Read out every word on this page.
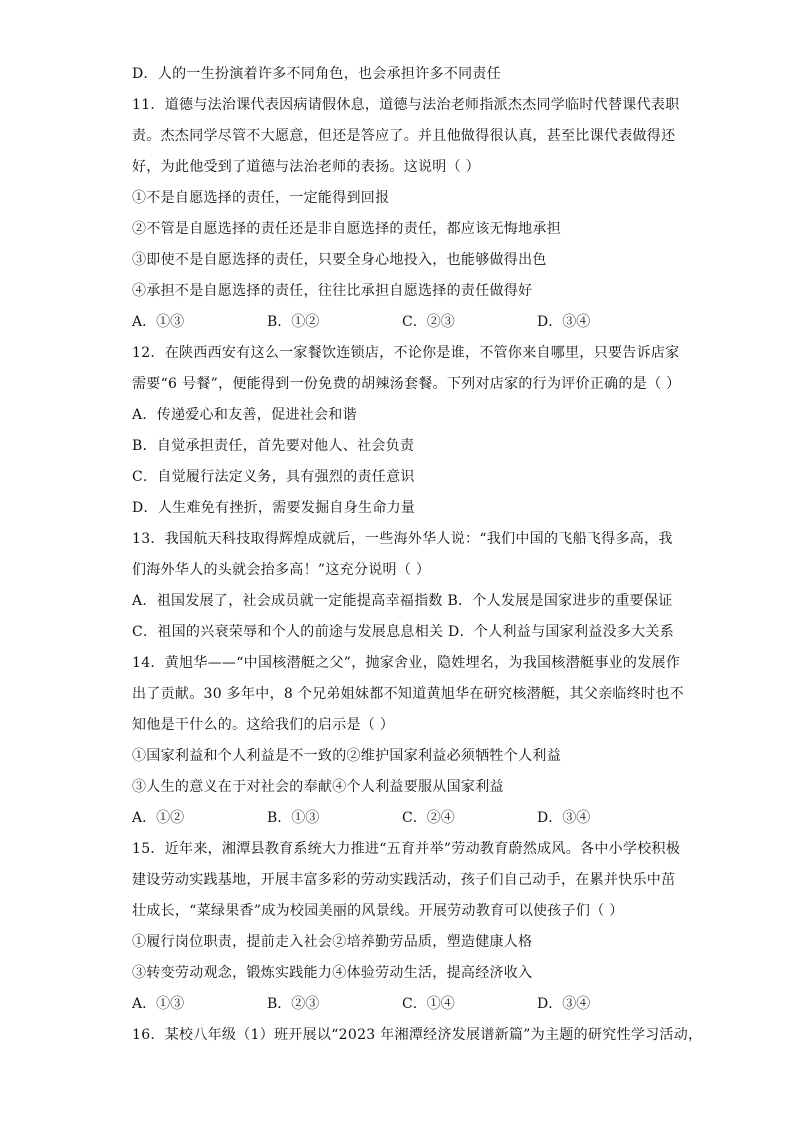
D．人的一生扮演着许多不同角色，也会承担许多不同责任
11．道德与法治课代表因病请假休息，道德与法治老师指派杰杰同学临时代替课代表职
责。杰杰同学尽管不大愿意，但还是答应了。并且他做得很认真，甚至比课代表做得还
好，为此他受到了道德与法治老师的表扬。这说明（ ）
①不是自愿选择的责任，一定能得到回报
②不管是自愿选择的责任还是非自愿选择的责任，都应该无悔地承担
③即使不是自愿选择的责任，只要全身心地投入，也能够做得出色
④承担不是自愿选择的责任，往往比承担自愿选择的责任做得好
A．①③	B．①②	C．②③	D．③④
12．在陕西西安有这么一家餐饮连锁店，不论你是谁，不管你来自哪里，只要告诉店家
需要“6 号餐”，便能得到一份免费的胡辣汤套餐。下列对店家的行为评价正确的是（ ）
A．传递爱心和友善，促进社会和谐
B．自觉承担责任，首先要对他人、社会负责
C．自觉履行法定义务，具有强烈的责任意识
D．人生难免有挫折，需要发掘自身生命力量
13．我国航天科技取得辉煌成就后，一些海外华人说：“我们中国的飞船飞得多高，我
们海外华人的头就会抬多高！”这充分说明（ ）
A．祖国发展了，社会成员就一定能提高幸福指数 B．个人发展是国家进步的重要保证
C．祖国的兴衰荣辱和个人的前途与发展息息相关 D．个人利益与国家利益没多大关系
14．黄旭华——“中国核潜艇之父”，抛家舍业，隐姓埋名，为我国核潜艇事业的发展作
出了贡献。30 多年中，8 个兄弟姐妹都不知道黄旭华在研究核潜艇，其父亲临终时也不
知他是干什么的。这给我们的启示是（ ）
①国家利益和个人利益是不一致的②维护国家利益必须牺牲个人利益
③人生的意义在于对社会的奉献④个人利益要服从国家利益
A．①②	B．①③	C．②④	D．③④
15．近年来，湘潭县教育系统大力推进“五育并举”劳动教育蔚然成风。各中小学校积极
建设劳动实践基地，开展丰富多彩的劳动实践活动，孩子们自己动手，在累并快乐中茁
壮成长，“菜绿果香”成为校园美丽的风景线。开展劳动教育可以使孩子们（ ）
①履行岗位职责，提前走入社会②培养勤劳品质，塑造健康人格
③转变劳动观念，锻炼实践能力④体验劳动生活，提高经济收入
A．①③	B．②③	C．①④	D．③④
16．某校八年级（1）班开展以“2023 年湘潭经济发展谱新篇”为主题的研究性学习活动，
